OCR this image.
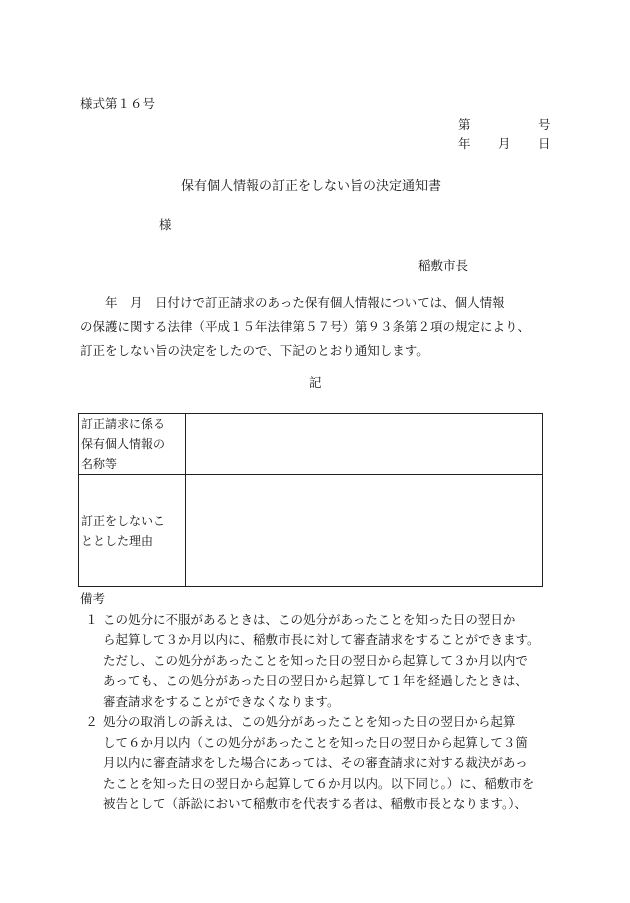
様式第１６号
第	号
年 月 日
保有個人情報の訂正をしない旨の決定通知書
様
稲敷市長
　　年　月　日付けで訂正請求のあった保有個人情報については、個人情報
の保護に関する法律（平成１５年法律第５７号）第９３条第２項の規定により、
訂正をしない旨の決定をしたので、下記のとおり通知します。
記
訂正請求に係る
保有個人情報の
名称等	

訂正をしないこ
ととした理由	

備考
１ この処分に不服があるときは、この処分があったことを知った日の翌日か
ら起算して３か月以内に、稲敷市長に対して審査請求をすることができます。
ただし、この処分があったことを知った日の翌日から起算して３か月以内で
あっても、この処分があった日の翌日から起算して１年を経過したときは、
審査請求をすることができなくなります。
２ 処分の取消しの訴えは、この処分があったことを知った日の翌日から起算
して６か月以内（この処分があったことを知った日の翌日から起算して３箇
月以内に審査請求をした場合にあっては、その審査請求に対する裁決があっ
たことを知った日の翌日から起算して６か月以内。以下同じ。）に、稲敷市を
被告として（訴訟において稲敷市を代表する者は、稲敷市長となります。）、
